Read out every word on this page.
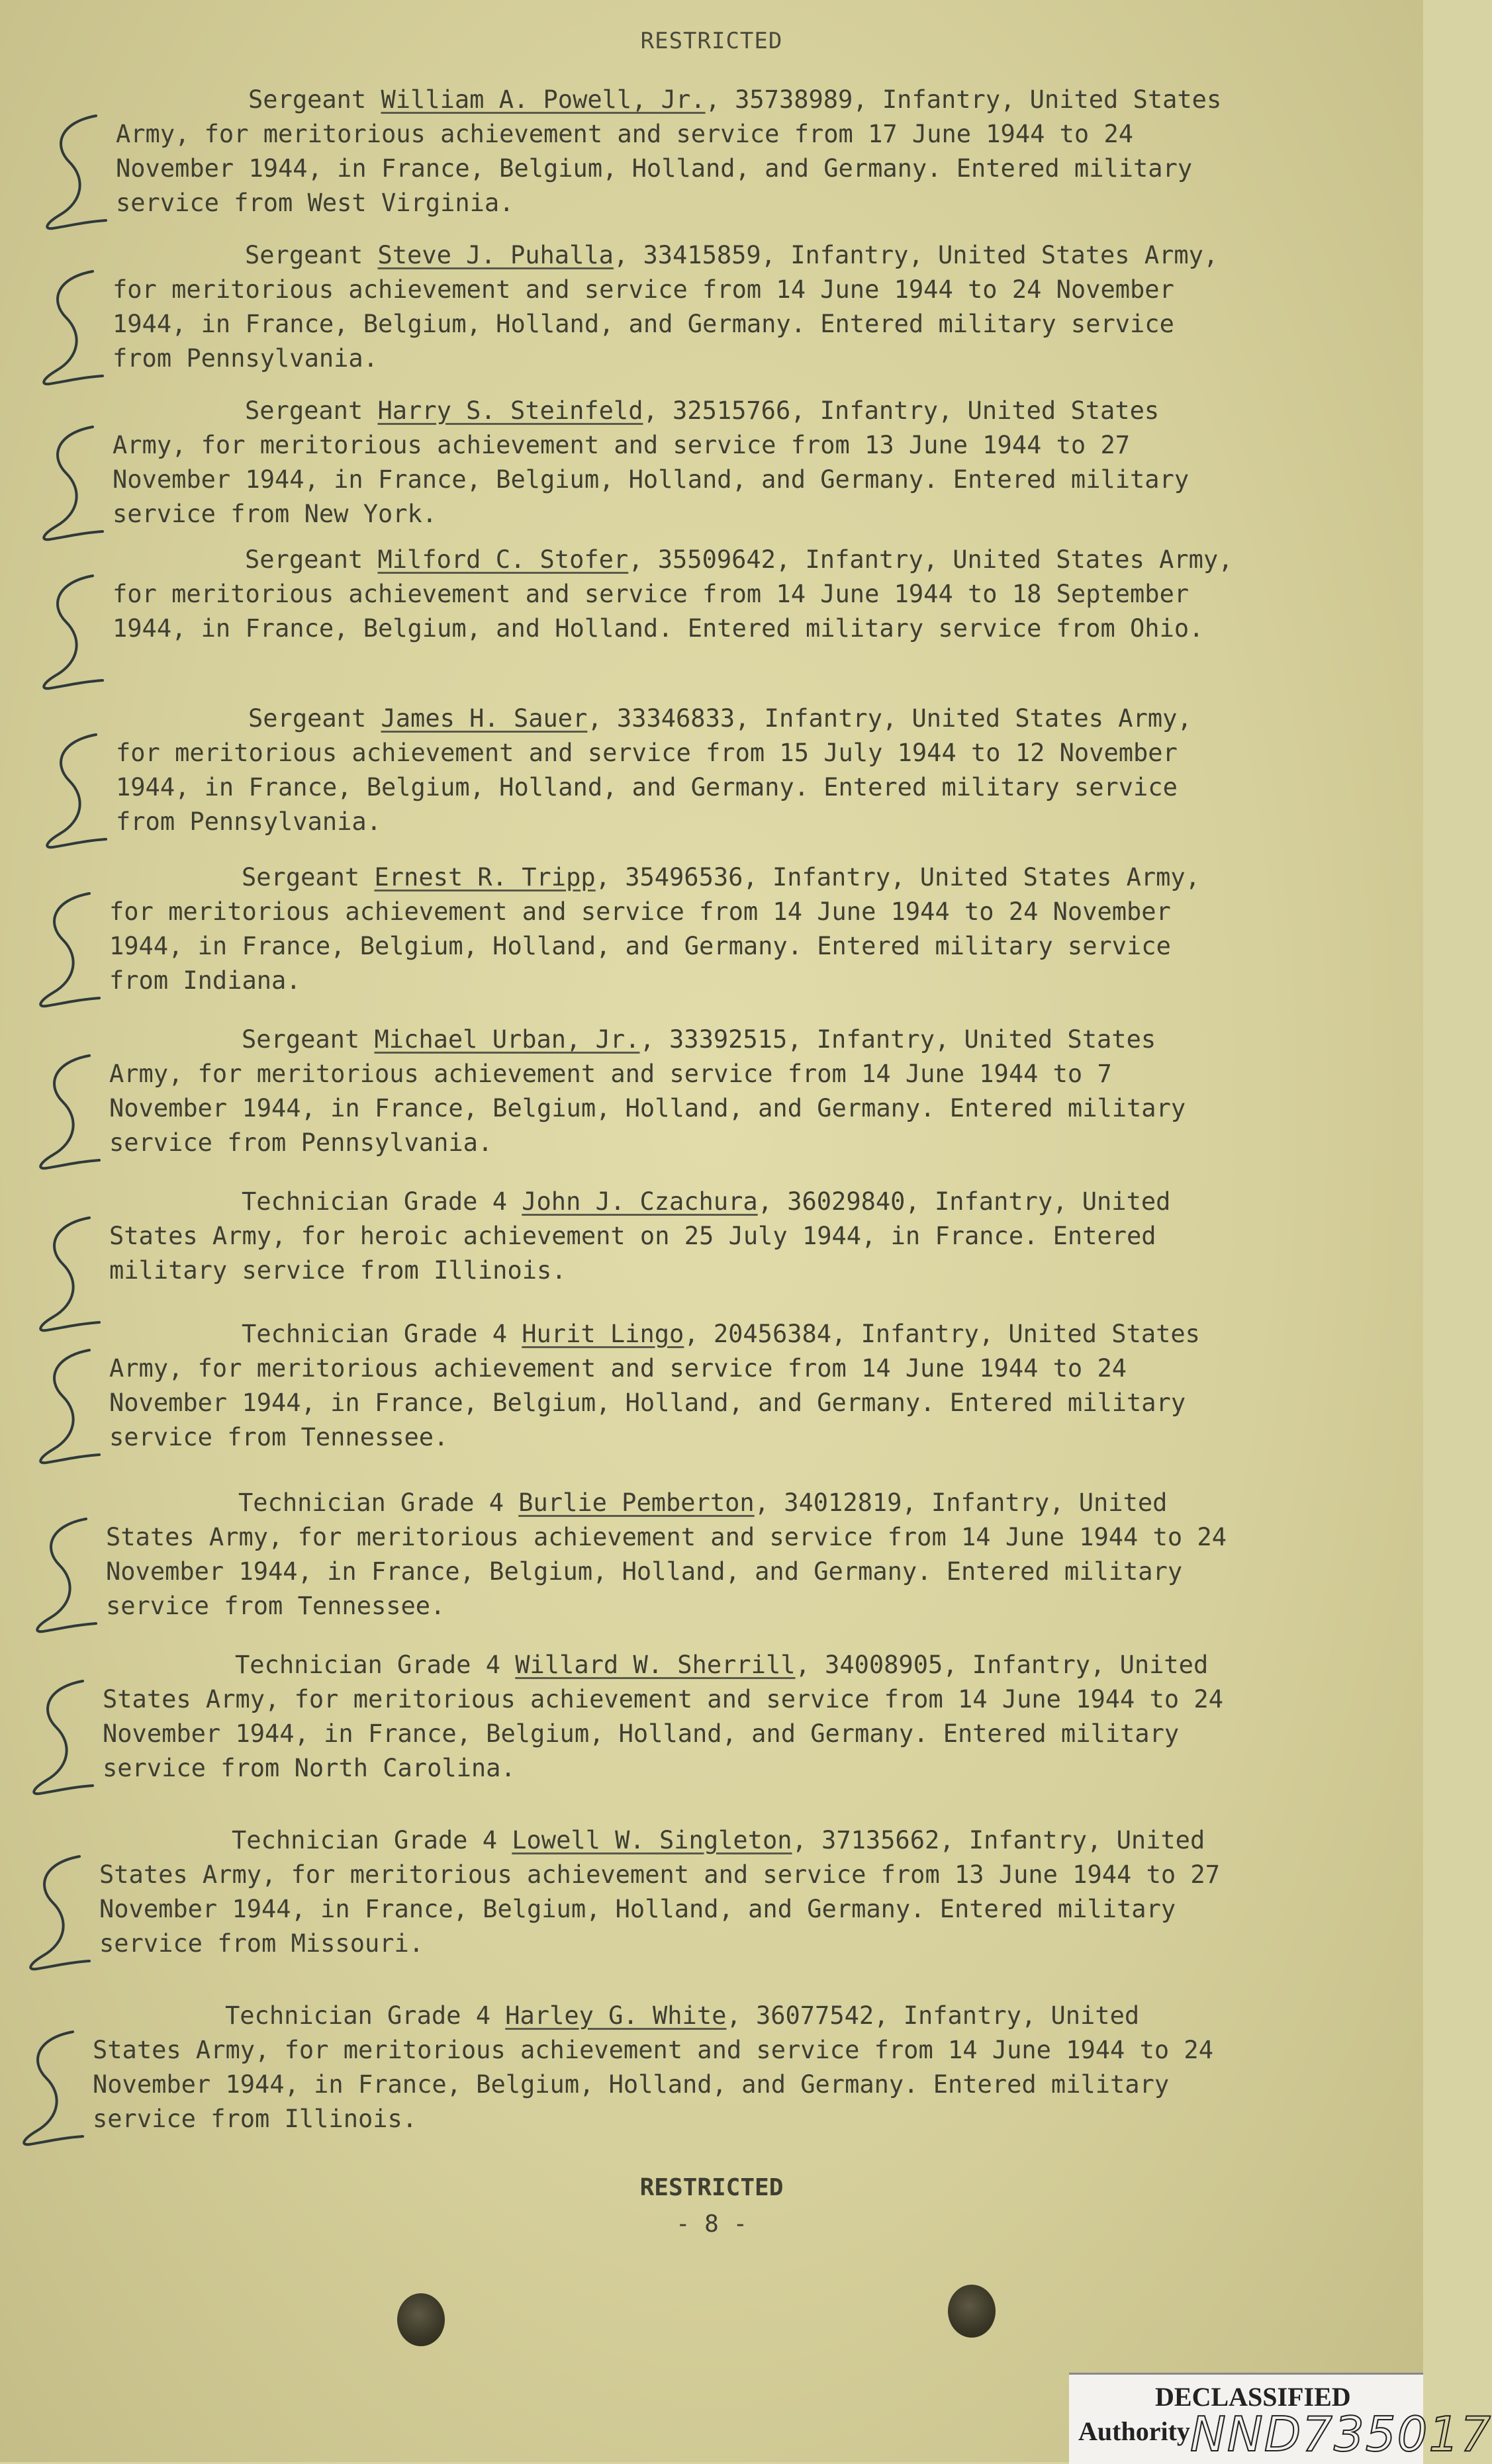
RESTRICTED
Sergeant William A. Powell, Jr., 35738989, Infantry, United States Army, for meritorious achievement and service from 17 June 1944 to 24 November 1944, in France, Belgium, Holland, and Germany. Entered military service from West Virginia.
Sergeant Steve J. Puhalla, 33415859, Infantry, United States Army, for meritorious achievement and service from 14 June 1944 to 24 November 1944, in France, Belgium, Holland, and Germany. Entered military service from Pennsylvania.
Sergeant Harry S. Steinfeld, 32515766, Infantry, United States Army, for meritorious achievement and service from 13 June 1944 to 27 November 1944, in France, Belgium, Holland, and Germany. Entered military service from New York.
Sergeant Milford C. Stofer, 35509642, Infantry, United States Army, for meritorious achievement and service from 14 June 1944 to 18 September 1944, in France, Belgium, and Holland. Entered military service from Ohio.
Sergeant James H. Sauer, 33346833, Infantry, United States Army, for meritorious achievement and service from 15 July 1944 to 12 November 1944, in France, Belgium, Holland, and Germany. Entered military service from Pennsylvania.
Sergeant Ernest R. Tripp, 35496536, Infantry, United States Army, for meritorious achievement and service from 14 June 1944 to 24 November 1944, in France, Belgium, Holland, and Germany. Entered military service from Indiana.
Sergeant Michael Urban, Jr., 33392515, Infantry, United States Army, for meritorious achievement and service from 14 June 1944 to 7 November 1944, in France, Belgium, Holland, and Germany. Entered military service from Pennsylvania.
Technician Grade 4 John J. Czachura, 36029840, Infantry, United States Army, for heroic achievement on 25 July 1944, in France. Entered military service from Illinois.
Technician Grade 4 Hurit Lingo, 20456384, Infantry, United States Army, for meritorious achievement and service from 14 June 1944 to 24 November 1944, in France, Belgium, Holland, and Germany. Entered military service from Tennessee.
Technician Grade 4 Burlie Pemberton, 34012819, Infantry, United States Army, for meritorious achievement and service from 14 June 1944 to 24 November 1944, in France, Belgium, Holland, and Germany. Entered military service from Tennessee.
Technician Grade 4 Willard W. Sherrill, 34008905, Infantry, United States Army, for meritorious achievement and service from 14 June 1944 to 24 November 1944, in France, Belgium, Holland, and Germany. Entered military service from North Carolina.
Technician Grade 4 Lowell W. Singleton, 37135662, Infantry, United States Army, for meritorious achievement and service from 13 June 1944 to 27 November 1944, in France, Belgium, Holland, and Germany. Entered military service from Missouri.
Technician Grade 4 Harley G. White, 36077542, Infantry, United States Army, for meritorious achievement and service from 14 June 1944 to 24 November 1944, in France, Belgium, Holland, and Germany. Entered military service from Illinois.
RESTRICTED
- 8 -
DECLASSIFIED
Authority NND735017
